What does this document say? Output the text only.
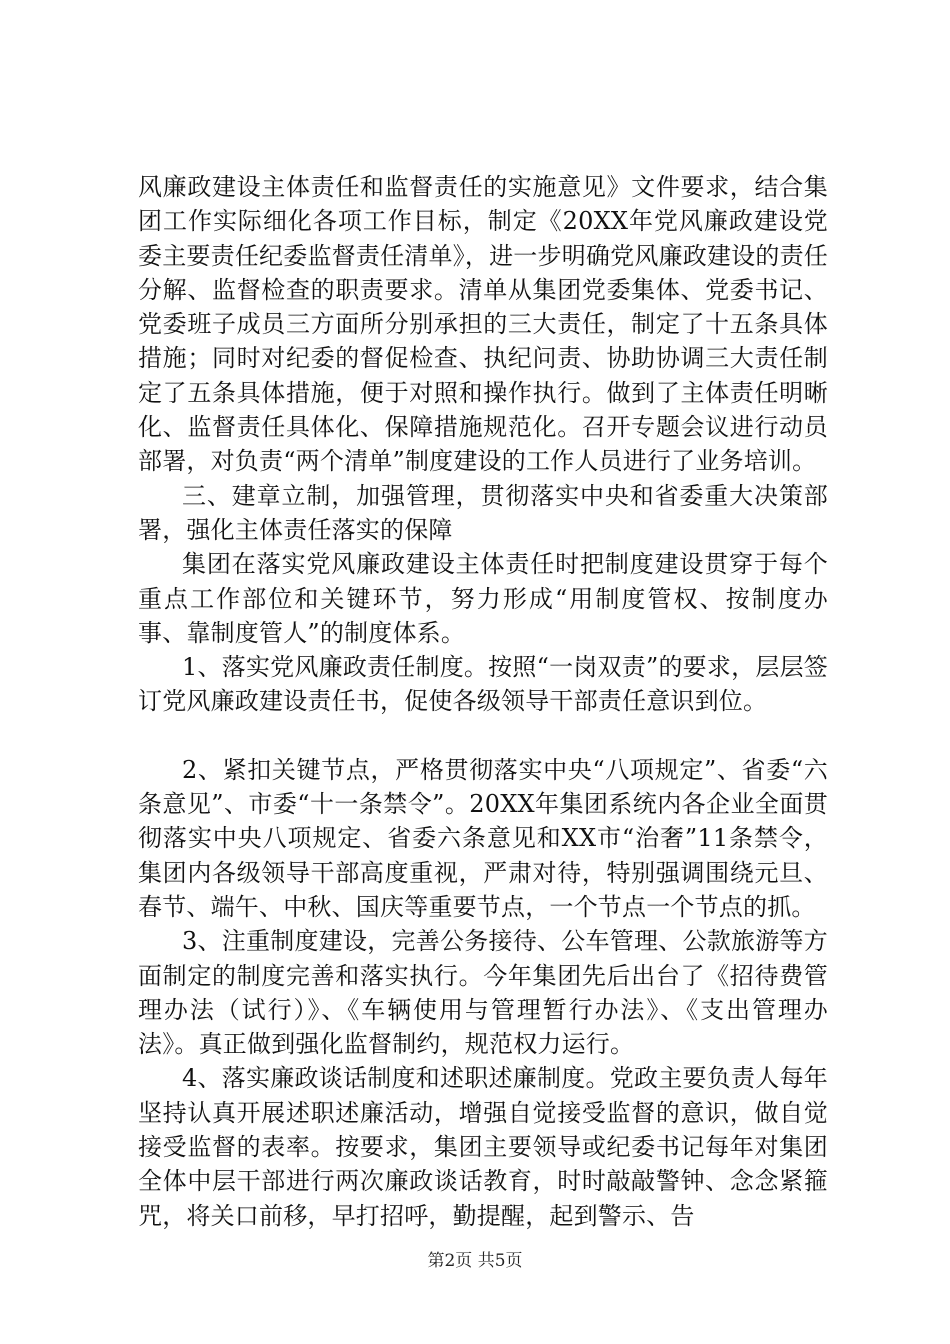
风廉政建设主体责任和监督责任的实施意见》文件要求，结合集团工作实际细化各项工作目标，制定《20XX年党风廉政建设党委主要责任纪委监督责任清单》，进一步明确党风廉政建设的责任分解、监督检查的职责要求。清单从集团党委集体、党委书记、党委班子成员三方面所分别承担的三大责任，制定了十五条具体措施；同时对纪委的督促检查、执纪问责、协助协调三大责任制定了五条具体措施，便于对照和操作执行。做到了主体责任明晰化、监督责任具体化、保障措施规范化。召开专题会议进行动员部署，对负责“两个清单”制度建设的工作人员进行了业务培训。

三、建章立制，加强管理，贯彻落实中央和省委重大决策部署，强化主体责任落实的保障

集团在落实党风廉政建设主体责任时把制度建设贯穿于每个重点工作部位和关键环节，努力形成“用制度管权、按制度办事、靠制度管人”的制度体系。

1、落实党风廉政责任制度。按照“一岗双责”的要求，层层签订党风廉政建设责任书，促使各级领导干部责任意识到位。

2、紧扣关键节点，严格贯彻落实中央“八项规定”、省委“六条意见”、市委“十一条禁令”。20XX年集团系统内各企业全面贯彻落实中央八项规定、省委六条意见和XX市“治奢”11条禁令，集团内各级领导干部高度重视，严肃对待，特别强调围绕元旦、春节、端午、中秋、国庆等重要节点，一个节点一个节点的抓。

3、注重制度建设，完善公务接待、公车管理、公款旅游等方面制定的制度完善和落实执行。今年集团先后出台了《招待费管理办法（试行）》、《车辆使用与管理暂行办法》、《支出管理办法》。真正做到强化监督制约，规范权力运行。

4、落实廉政谈话制度和述职述廉制度。党政主要负责人每年坚持认真开展述职述廉活动，增强自觉接受监督的意识，做自觉接受监督的表率。按要求，集团主要领导或纪委书记每年对集团全体中层干部进行两次廉政谈话教育，时时敲敲警钟、念念紧箍咒，将关口前移，早打招呼，勤提醒，起到警示、告

第2页 共5页
